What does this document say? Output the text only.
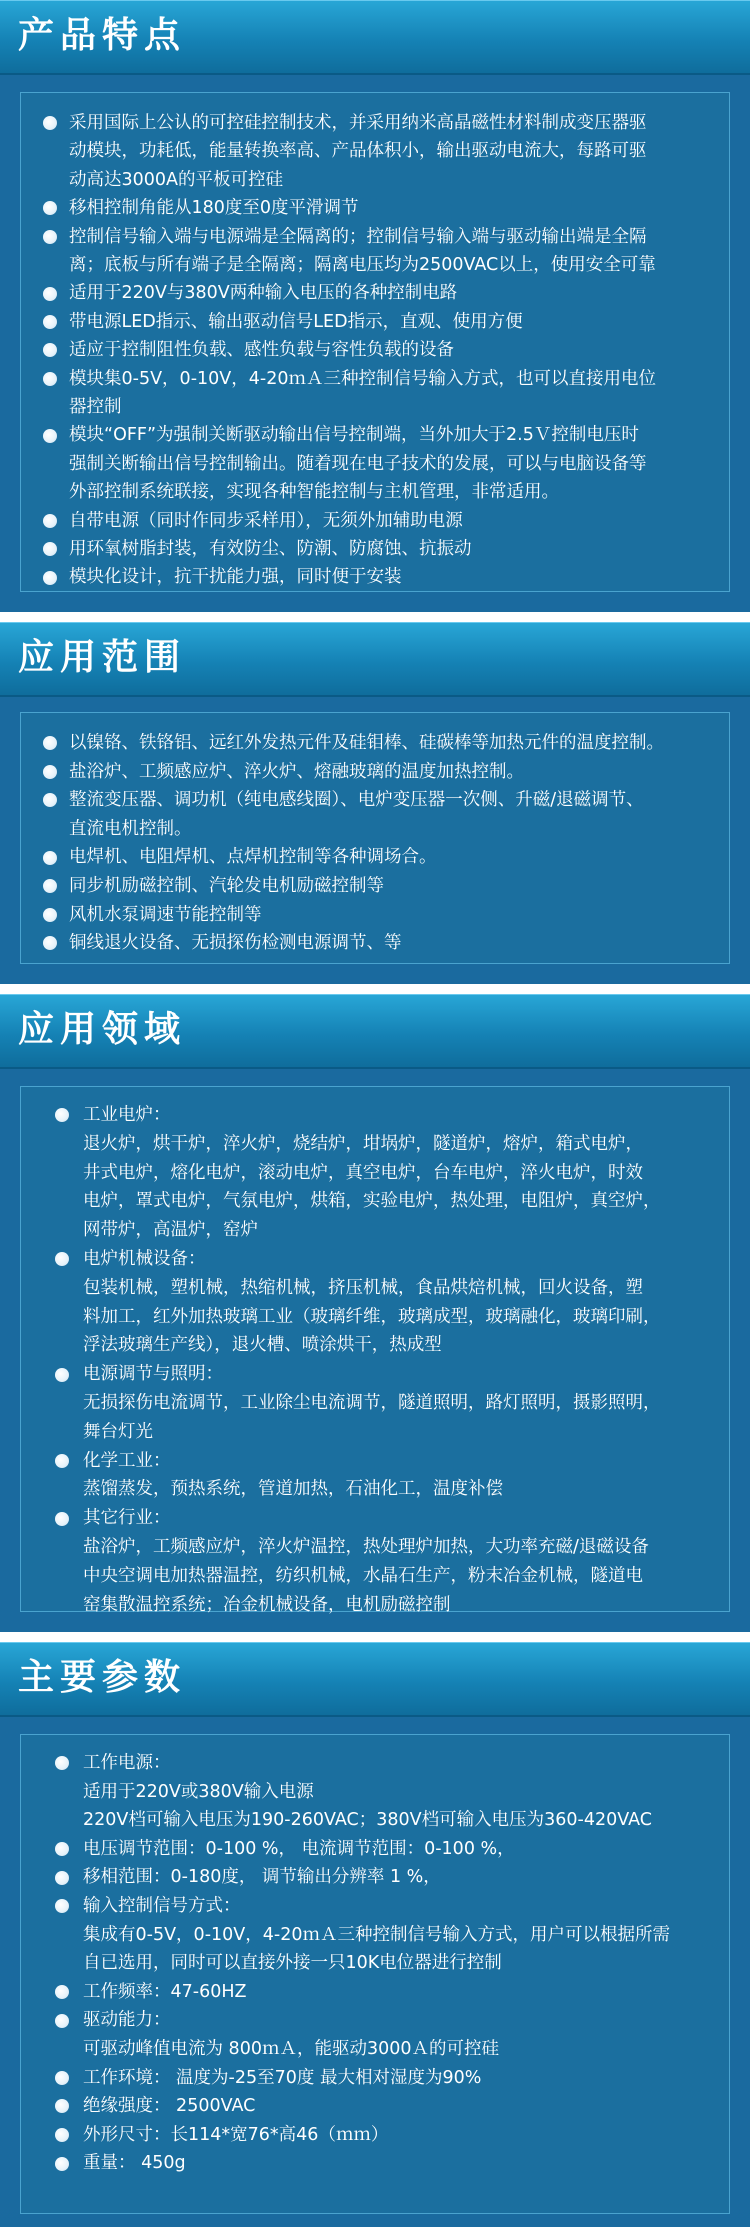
产品特点
采用国际上公认的可控硅控制技术，并采用纳米高晶磁性材料制成变压器驱
动模块，功耗低，能量转换率高、产品体积小，输出驱动电流大，每路可驱
动高达3000A的平板可控硅
移相控制角能从180度至0度平滑调节
控制信号输入端与电源端是全隔离的；控制信号输入端与驱动输出端是全隔
离；底板与所有端子是全隔离；隔离电压均为2500VAC以上，使用安全可靠
适用于220V与380V两种输入电压的各种控制电路
带电源LED指示、输出驱动信号LED指示，直观、使用方便
适应于控制阻性负载、感性负载与容性负载的设备
模块集0-5V，0-10V，4-20ｍＡ三种控制信号输入方式，也可以直接用电位
器控制
模块“OFF”为强制关断驱动输出信号控制端，当外加大于2.5Ｖ控制电压时
强制关断输出信号控制输出。随着现在电子技术的发展，可以与电脑设备等
外部控制系统联接，实现各种智能控制与主机管理，非常适用。
自带电源（同时作同步采样用），无须外加辅助电源
用环氧树脂封装，有效防尘、防潮、防腐蚀、抗振动
模块化设计，抗干扰能力强，同时便于安装
应用范围
以镍铬、铁铬铝、远红外发热元件及硅钼棒、硅碳棒等加热元件的温度控制。
盐浴炉、工频感应炉、淬火炉、熔融玻璃的温度加热控制。
整流变压器、调功机（纯电感线圈）、电炉变压器一次侧、升磁/退磁调节、
直流电机控制。
电焊机、电阻焊机、点焊机控制等各种调场合。
同步机励磁控制、汽轮发电机励磁控制等
风机水泵调速节能控制等
铜线退火设备、无损探伤检测电源调节、等
应用领域
工业电炉：
退火炉，烘干炉，淬火炉，烧结炉，坩埚炉，隧道炉，熔炉，箱式电炉，
井式电炉，熔化电炉，滚动电炉，真空电炉，台车电炉，淬火电炉，时效
电炉，罩式电炉，气氛电炉，烘箱，实验电炉，热处理，电阻炉，真空炉，
网带炉，高温炉，窑炉
电炉机械设备：
包装机械，塑机械，热缩机械，挤压机械，食品烘焙机械，回火设备，塑
料加工，红外加热玻璃工业（玻璃纤维，玻璃成型，玻璃融化，玻璃印刷，
浮法玻璃生产线），退火槽、喷涂烘干，热成型
电源调节与照明：
无损探伤电流调节，工业除尘电流调节，隧道照明，路灯照明，摄影照明，
舞台灯光
化学工业：
蒸馏蒸发，预热系统，管道加热，石油化工，温度补偿
其它行业：
盐浴炉，工频感应炉，淬火炉温控，热处理炉加热，大功率充磁/退磁设备
中央空调电加热器温控，纺织机械，水晶石生产，粉末冶金机械，隧道电
窑集散温控系统；冶金机械设备，电机励磁控制
主要参数
工作电源：
适用于220V或380V输入电源
220V档可输入电压为190-260VAC；380V档可输入电压为360-420VAC
电压调节范围：0-100 %， 电流调节范围：0-100 %，
移相范围：0-180度， 调节输出分辨率 1 %，
输入控制信号方式：
集成有0-5V，0-10V，4-20ｍＡ三种控制信号输入方式，用户可以根据所需
自已选用，同时可以直接外接一只10K电位器进行控制
工作频率：47-60HZ
驱动能力：
可驱动峰值电流为 800ｍＡ，能驱动3000Ａ的可控硅
工作环境： 温度为-25至70度 最大相对湿度为90%
绝缘强度： 2500VAC
外形尺寸：长114*宽76*高46（ｍｍ）
重量： 450g
